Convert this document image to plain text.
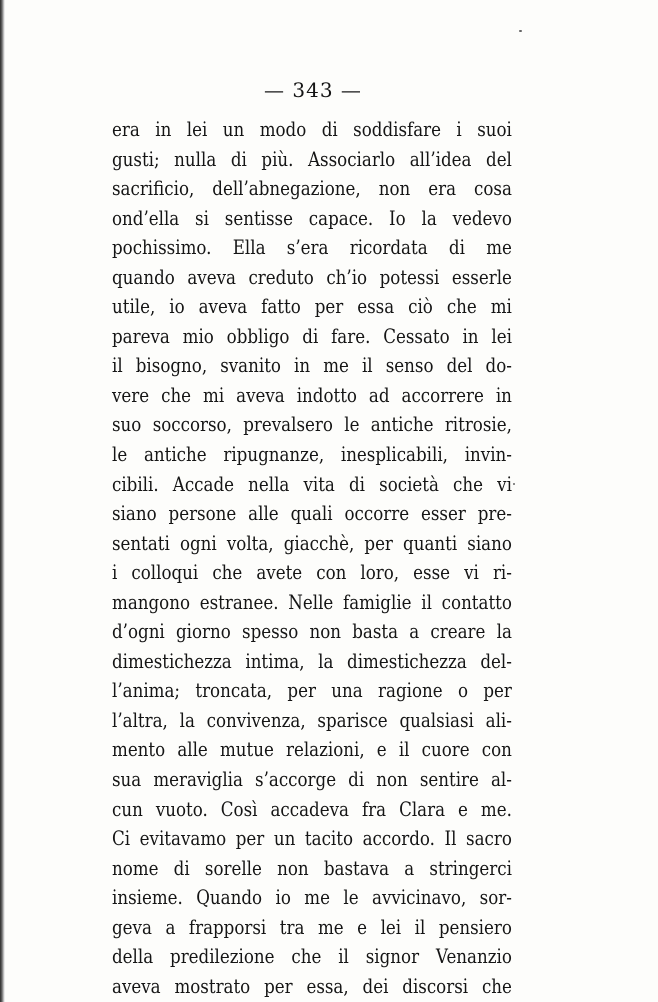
— 343 —
era in lei un modo di soddisfare i suoi
gusti; nulla di più. Associarlo all’idea del
sacrificio, dell’abnegazione, non era cosa
ond’ella si sentisse capace. Io la vedevo
pochissimo. Ella s’era ricordata di me
quando aveva creduto ch’io potessi esserle
utile, io aveva fatto per essa ciò che mi
pareva mio obbligo di fare. Cessato in lei
il bisogno, svanito in me il senso del do-
vere che mi aveva indotto ad accorrere in
suo soccorso, prevalsero le antiche ritrosie,
le antiche ripugnanze, inesplicabili, invin-
cibili. Accade nella vita di società che vi
siano persone alle quali occorre esser pre-
sentati ogni volta, giacchè, per quanti siano
i colloqui che avete con loro, esse vi ri-
mangono estranee. Nelle famiglie il contatto
d’ogni giorno spesso non basta a creare la
dimestichezza intima, la dimestichezza del-
l’anima; troncata, per una ragione o per
l’altra, la convivenza, sparisce qualsiasi ali-
mento alle mutue relazioni, e il cuore con
sua meraviglia s’accorge di non sentire al-
cun vuoto. Così accadeva fra Clara e me.
Ci evitavamo per un tacito accordo. Il sacro
nome di sorelle non bastava a stringerci
insieme. Quando io me le avvicinavo, sor-
geva a frapporsi tra me e lei il pensiero
della predilezione che il signor Venanzio
aveva mostrato per essa, dei discorsi che
